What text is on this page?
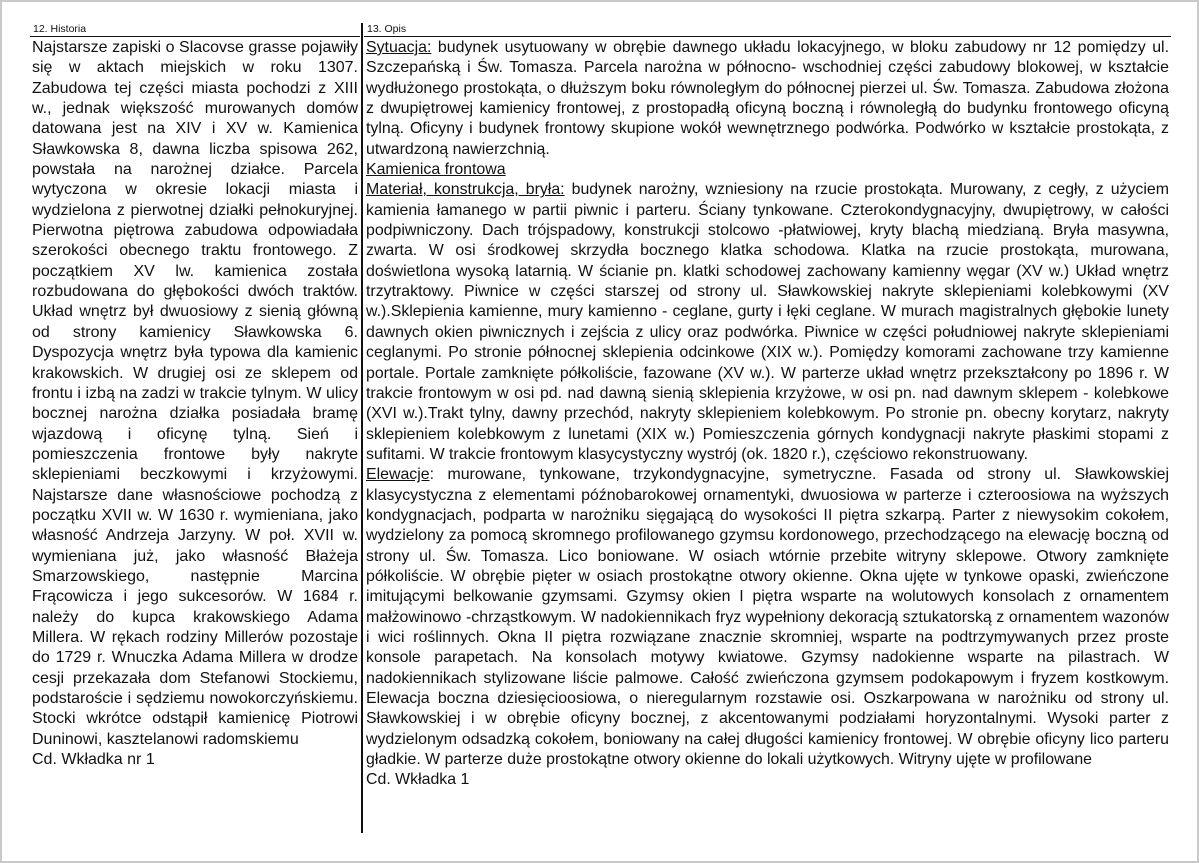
12. Historia

Najstarsze zapiski o Slacovse grasse pojawiły się w aktach miejskich w roku 1307. Zabudowa tej części miasta pochodzi z XIII w., jednak większość murowanych domów datowana jest na XIV i XV w. Kamienica Sławkowska 8, dawna liczba spisowa 262, powstała na narożnej działce. Parcela wytyczona w okresie lokacji miasta i wydzielona z pierwotnej działki pełnokuryjnej. Pierwotna piętrowa zabudowa odpowiadała szerokości obecnego traktu frontowego. Z początkiem XV lw. kamienica została rozbudowana do głębokości dwóch traktów. Układ wnętrz był dwuosiowy z sienią główną od strony kamienicy Sławkowska 6. Dyspozycja wnętrz była typowa dla kamienic krakowskich. W drugiej osi ze sklepem od frontu i izbą na zadzi w trakcie tylnym. W ulicy bocznej narożna działka posiadała bramę wjazdową i oficynę tylną. Sień i pomieszczenia frontowe były nakryte sklepieniami beczkowymi i krzyżowymi. Najstarsze dane własnościowe pochodzą z początku XVII w. W 1630 r. wymieniana, jako własność Andrzeja Jarzyny. W poł. XVII w. wymieniana już, jako własność Błażeja Smarzowskiego, następnie Marcina Frącowicza i jego sukcesorów. W 1684 r. należy do kupca krakowskiego Adama Millera. W rękach rodziny Millerów pozostaje do 1729 r. Wnuczka Adama Millera w drodze cesji przekazała dom Stefanowi Stockiemu, podstaroście i sędziemu nowokorczyńskiemu. Stocki wkrótce odstąpił kamienicę Piotrowi Duninowi, kasztelanowi radomskiemu

Cd. Wkładka nr 1

13. Opis

Sytuacja: budynek usytuowany w obrębie dawnego układu lokacyjnego, w bloku zabudowy nr 12 pomiędzy ul. Szczepańską i Św. Tomasza. Parcela narożna w północno- wschodniej części zabudowy blokowej, w kształcie wydłużonego prostokąta, o dłuższym boku równoległym do północnej pierzei ul. Św. Tomasza. Zabudowa złożona z dwupiętrowej kamienicy frontowej, z prostopadłą oficyną boczną i równoległą do budynku frontowego oficyną tylną. Oficyny i budynek frontowy skupione wokół wewnętrznego podwórka. Podwórko w kształcie prostokąta, z utwardzoną nawierzchnią.

Kamienica frontowa

Materiał, konstrukcja, bryła: budynek narożny, wzniesiony na rzucie prostokąta. Murowany, z cegły, z użyciem kamienia łamanego w partii piwnic i parteru. Ściany tynkowane. Czterokondygnacyjny, dwupiętrowy, w całości podpiwniczony. Dach trójspadowy, konstrukcji stolcowo -płatwiowej, kryty blachą miedzianą. Bryła masywna, zwarta. W osi środkowej skrzydła bocznego klatka schodowa. Klatka na rzucie prostokąta, murowana, doświetlona wysoką latarnią. W ścianie pn. klatki schodowej zachowany kamienny węgar (XV w.) Układ wnętrz trzytraktowy. Piwnice w części starszej od strony ul. Sławkowskiej nakryte sklepieniami kolebkowymi (XV w.).Sklepienia kamienne, mury kamienno - ceglane, gurty i łęki ceglane. W murach magistralnych głębokie lunety dawnych okien piwnicznych i zejścia z ulicy oraz podwórka. Piwnice w części południowej nakryte sklepieniami ceglanymi. Po stronie północnej sklepienia odcinkowe (XIX w.). Pomiędzy komorami zachowane trzy kamienne portale. Portale zamknięte półkoliście, fazowane (XV w.). W parterze układ wnętrz przekształcony po 1896 r. W trakcie frontowym w osi pd. nad dawną sienią sklepienia krzyżowe, w osi pn. nad dawnym sklepem - kolebkowe (XVI w.).Trakt tylny, dawny przechód, nakryty sklepieniem kolebkowym. Po stronie pn. obecny korytarz, nakryty sklepieniem kolebkowym z lunetami (XIX w.) Pomieszczenia górnych kondygnacji nakryte płaskimi stopami z sufitami. W trakcie frontowym klasycystyczny wystrój (ok. 1820 r.), częściowo rekonstruowany.

Elewacje: murowane, tynkowane, trzykondygnacyjne, symetryczne. Fasada od strony ul. Sławkowskiej klasycystyczna z elementami późnobarokowej ornamentyki, dwuosiowa w parterze i czteroosiowa na wyższych kondygnacjach, podparta w narożniku sięgającą do wysokości II piętra szkarpą. Parter z niewysokim cokołem, wydzielony za pomocą skromnego profilowanego gzymsu kordonowego, przechodzącego na elewację boczną od strony ul. Św. Tomasza. Lico boniowane. W osiach wtórnie przebite witryny sklepowe. Otwory zamknięte półkoliście. W obrębie pięter w osiach prostokątne otwory okienne. Okna ujęte w tynkowe opaski, zwieńczone imitującymi belkowanie gzymsami. Gzymsy okien I piętra wsparte na wolutowych konsolach z ornamentem małżowinowo -chrząstkowym. W nadokiennikach fryz wypełniony dekoracją sztukatorską z ornamentem wazonów i wici roślinnych. Okna II piętra rozwiązane znacznie skromniej, wsparte na podtrzymywanych przez proste konsole parapetach. Na konsolach motywy kwiatowe. Gzymsy nadokienne wsparte na pilastrach. W nadokiennikach stylizowane liście palmowe. Całość zwieńczona gzymsem podokapowym i fryzem kostkowym. Elewacja boczna dziesięcioosiowa, o nieregularnym rozstawie osi. Oszkarpowana w narożniku od strony ul. Sławkowskiej i w obrębie oficyny bocznej, z akcentowanymi podziałami horyzontalnymi. Wysoki parter z wydzielonym odsadzką cokołem, boniowany na całej długości kamienicy frontowej. W obrębie oficyny lico parteru gładkie. W parterze duże prostokątne otwory okienne do lokali użytkowych. Witryny ujęte w profilowane

Cd. Wkładka 1
